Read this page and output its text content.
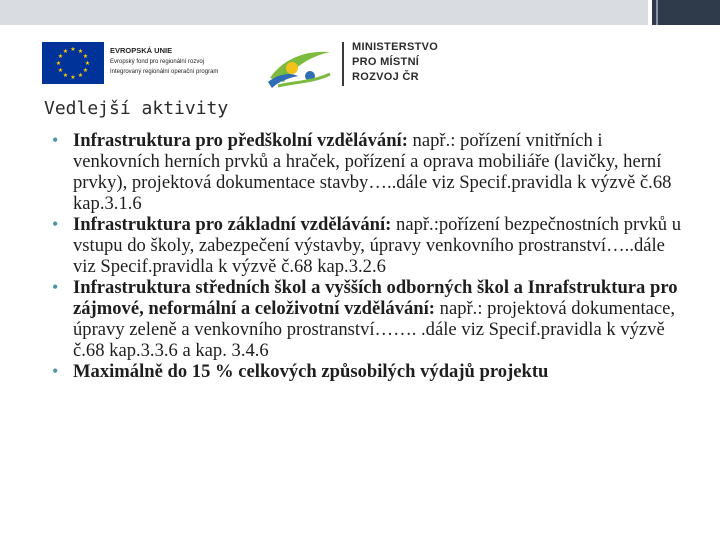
★ ★
★
★
★
★
★
★
★
★
★
★	EVROPSKÁ UNIE
Evropský fond pro regionální rozvoj
Integrovaný regionální operační program
MINISTERSTVO
PRO MÍSTNÍ
ROZVOJ ČR
Vedlejší aktivity
• Infrastruktura pro předškolní vzdělávání: např.: pořízení vnitřních i venkovních herních prvků a hraček, pořízení a oprava mobiliáře (lavičky, herní prvky), projektová dokumentace stavby…..dále viz Specif.pravidla k výzvě č.68 kap.3.1.6
• Infrastruktura pro základní vzdělávání: např.:pořízení bezpečnostních prvků u vstupu do školy, zabezpečení výstavby, úpravy venkovního prostranství…..dále viz Specif.pravidla k výzvě č.68 kap.3.2.6
• Infrastruktura středních škol a vyšších odborných škol a Inrafstruktura pro zájmové, neformální a celoživotní vzdělávání: např.: projektová dokumentace, úpravy zeleně a venkovního prostranství……. .dále viz Specif.pravidla k výzvě č.68 kap.3.3.6 a kap. 3.4.6
• Maximálně do 15 % celkových způsobilých výdajů projektu
